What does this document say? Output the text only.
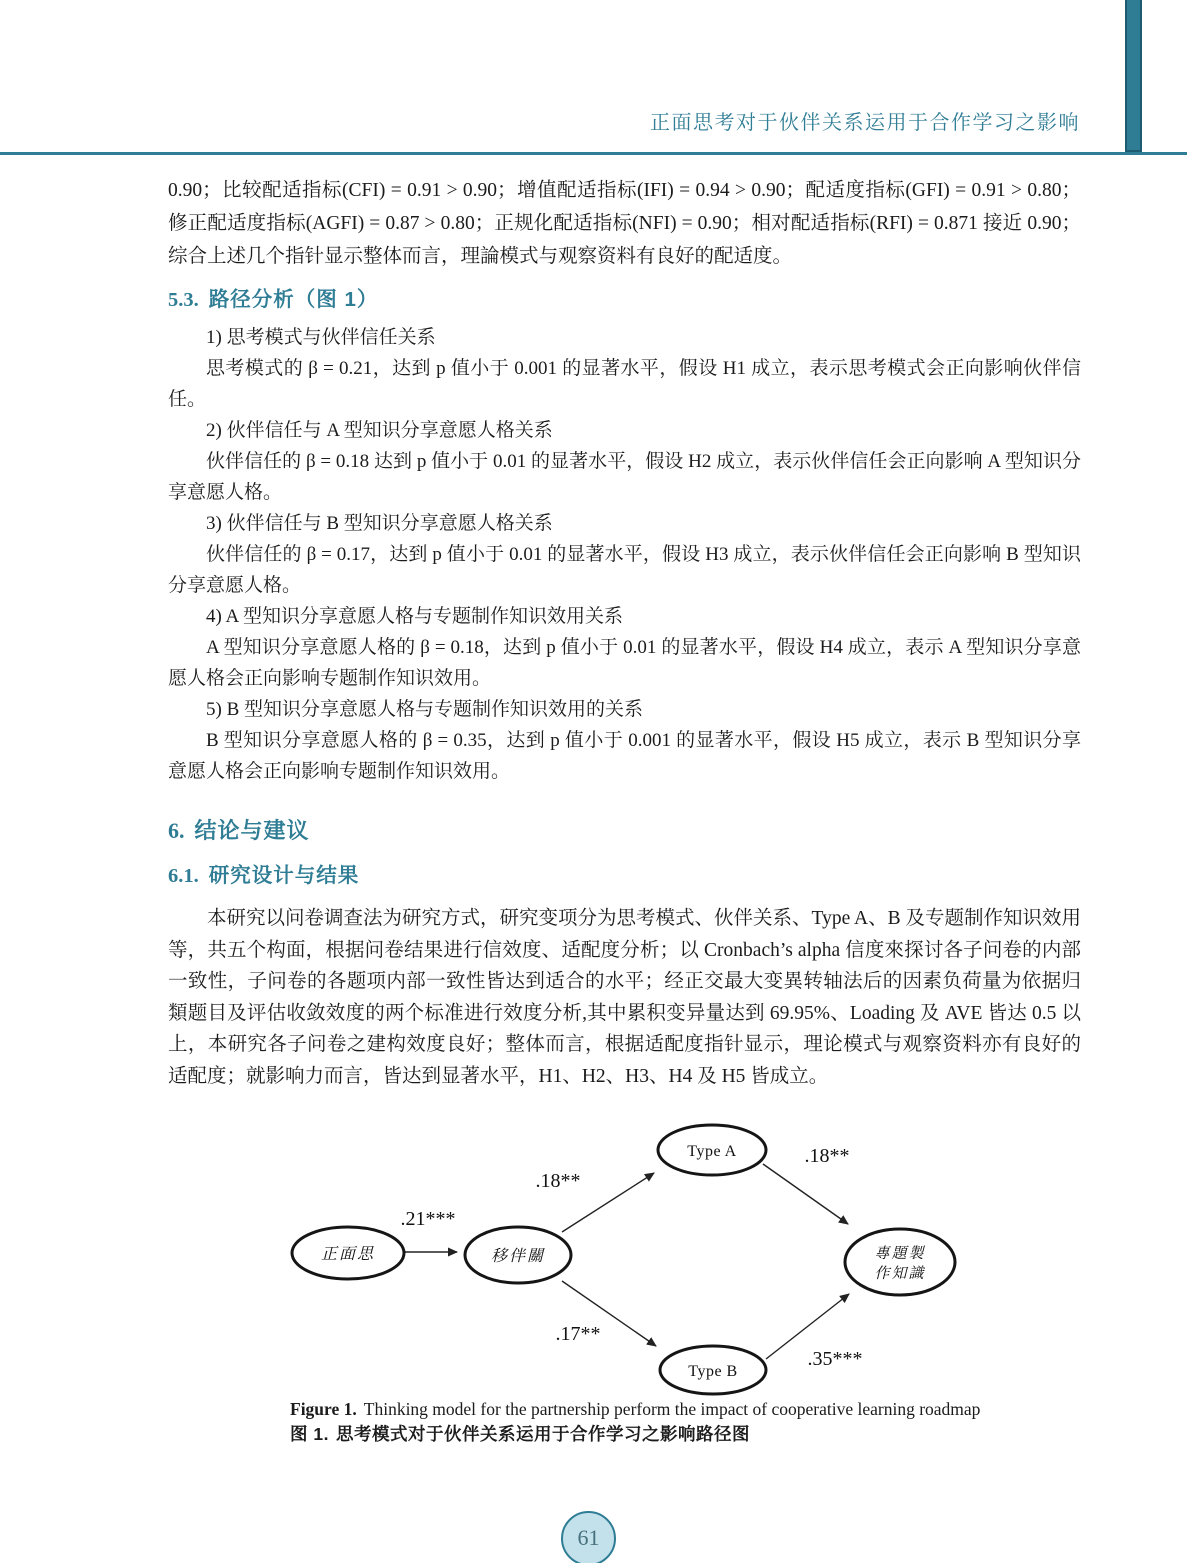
正面思考对于伙伴关系运用于合作学习之影响

0.90；比较配适指标(CFI) = 0.91 > 0.90；增值配适指标(IFI) = 0.94 > 0.90；配适度指标(GFI) = 0.91 > 0.80；修正配适度指标(AGFI) = 0.87 > 0.80；正规化配适指标(NFI) = 0.90；相对配适指标(RFI) = 0.871 接近 0.90；综合上述几个指针显示整体而言，理論模式与观察资料有良好的配适度。

5.3. 路径分析（图 1）

1) 思考模式与伙伴信任关系

思考模式的 β = 0.21，达到 p 值小于 0.001 的显著水平，假设 H1 成立，表示思考模式会正向影响伙伴信任。

2) 伙伴信任与 A 型知识分享意愿人格关系

伙伴信任的 β = 0.18 达到 p 值小于 0.01 的显著水平，假设 H2 成立，表示伙伴信任会正向影响 A 型知识分享意愿人格。

3) 伙伴信任与 B 型知识分享意愿人格关系

伙伴信任的 β = 0.17，达到 p 值小于 0.01 的显著水平，假设 H3 成立，表示伙伴信任会正向影响 B 型知识分享意愿人格。

4) A 型知识分享意愿人格与专题制作知识效用关系

A 型知识分享意愿人格的 β = 0.18，达到 p 值小于 0.01 的显著水平，假设 H4 成立，表示 A 型知识分享意愿人格会正向影响专题制作知识效用。

5) B 型知识分享意愿人格与专题制作知识效用的关系

B 型知识分享意愿人格的 β = 0.35，达到 p 值小于 0.001 的显著水平，假设 H5 成立，表示 B 型知识分享意愿人格会正向影响专题制作知识效用。

6. 结论与建议
6.1. 研究设计与结果

本研究以问卷调查法为研究方式，研究变项分为思考模式、伙伴关系、Type A、B 及专题制作知识效用等，共五个构面，根据问卷结果进行信效度、适配度分析；以 Cronbach’s alpha 信度來探讨各子问卷的内部一致性，子问卷的各题项内部一致性皆达到适合的水平；经正交最大变異转轴法后的因素负荷量为依据归類题目及评估收敛效度的两个标准进行效度分析,其中累积变异量达到 69.95%、Loading 及 AVE 皆达 0.5 以上，本研究各子问卷之建构效度良好；整体而言，根据适配度指针显示，理论模式与观察资料亦有良好的适配度；就影响力而言，皆达到显著水平，H1、H2、H3、H4 及 H5 皆成立。

.21***
.18**
.18**
.17**
.35***
正面思	移伴關
Type A
Type B
專題製
作知識
Figure 1. Thinking model for the partnership perform the impact of cooperative learning roadmap
图 1. 思考模式对于伙伴关系运用于合作学习之影响路径图
61
